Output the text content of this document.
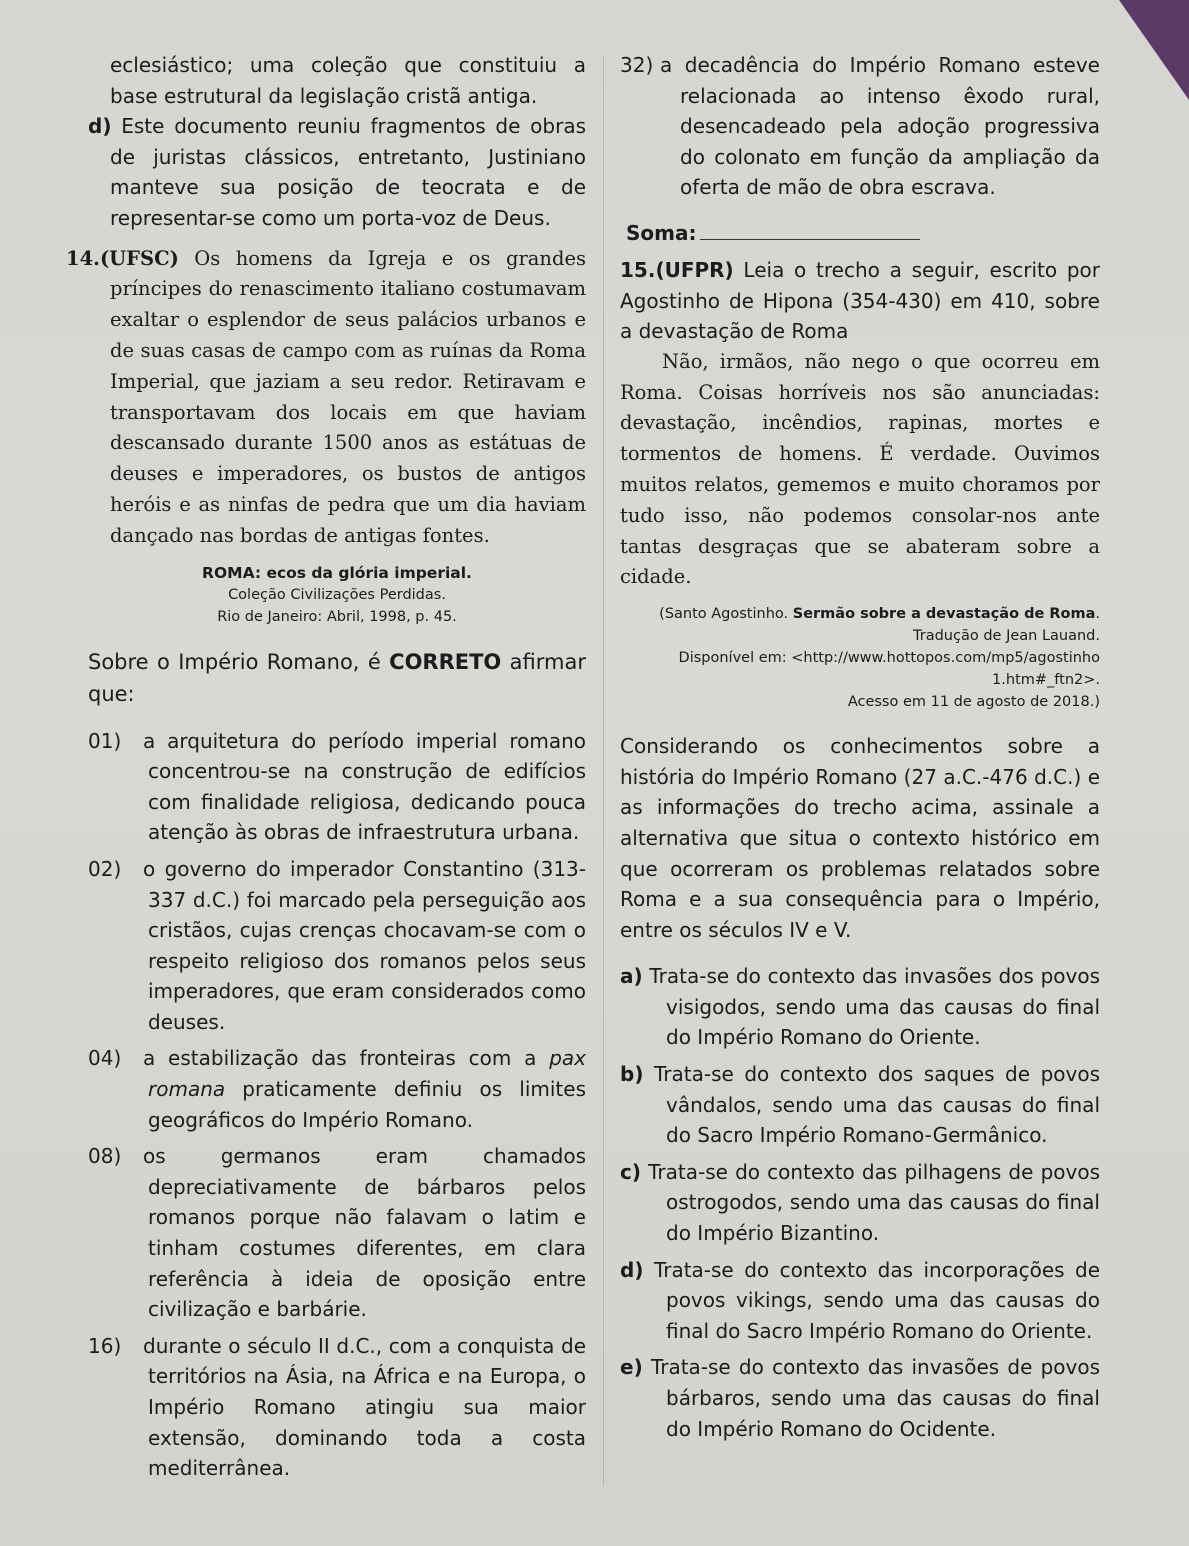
eclesiástico; uma coleção que constituiu a base estrutural da legislação cristã antiga.

d) Este documento reuniu fragmentos de obras de juristas clássicos, entretanto, Justiniano manteve sua posição de teocrata e de representar-se como um porta-voz de Deus.

14.(UFSC) Os homens da Igreja e os grandes príncipes do renascimento italiano costumavam exaltar o esplendor de seus palácios urbanos e de suas casas de campo com as ruínas da Roma Imperial, que jaziam a seu redor. Retiravam e transportavam dos locais em que haviam descansado durante 1500 anos as estátuas de deuses e imperadores, os bustos de antigos heróis e as ninfas de pedra que um dia haviam dançado nas bordas de antigas fontes.

ROMA: ecos da glória imperial.
Coleção Civilizações Perdidas.
Rio de Janeiro: Abril, 1998, p. 45.

Sobre o Império Romano, é CORRETO afirmar que:

01) a arquitetura do período imperial romano concentrou-se na construção de edifícios com finalidade religiosa, dedicando pouca atenção às obras de infraestrutura urbana.

02) o governo do imperador Constantino (313-337 d.C.) foi marcado pela perseguição aos cristãos, cujas crenças chocavam-se com o respeito religioso dos romanos pelos seus imperadores, que eram considerados como deuses.

04) a estabilização das fronteiras com a pax romana praticamente definiu os limites geográficos do Império Romano.

08) os germanos eram chamados depreciativamente de bárbaros pelos romanos porque não falavam o latim e tinham costumes diferentes, em clara referência à ideia de oposição entre civilização e barbárie.

16) durante o século II d.C., com a conquista de territórios na Ásia, na África e na Europa, o Império Romano atingiu sua maior extensão, dominando toda a costa mediterrânea.

32) a decadência do Império Romano esteve relacionada ao intenso êxodo rural, desencadeado pela adoção progressiva do colonato em função da ampliação da oferta de mão de obra escrava.

Soma:

15.(UFPR) Leia o trecho a seguir, escrito por Agostinho de Hipona (354-430) em 410, sobre a devastação de Roma

Não, irmãos, não nego o que ocorreu em Roma. Coisas horríveis nos são anunciadas: devastação, incêndios, rapinas, mortes e tormentos de homens. É verdade. Ouvimos muitos relatos, gememos e muito choramos por tudo isso, não podemos consolar-nos ante tantas desgraças que se abateram sobre a cidade.

(Santo Agostinho. Sermão sobre a devastação de Roma. Tradução de Jean Lauand.
Disponível em: <http://www.hottopos.com/mp5/agostinho 1.htm#_ftn2>.
Acesso em 11 de agosto de 2018.)

Considerando os conhecimentos sobre a história do Império Romano (27 a.C.-476 d.C.) e as informações do trecho acima, assinale a alternativa que situa o contexto histórico em que ocorreram os problemas relatados sobre Roma e a sua consequência para o Império, entre os séculos IV e V.

a) Trata-se do contexto das invasões dos povos visigodos, sendo uma das causas do final do Império Romano do Oriente.

b) Trata-se do contexto dos saques de povos vândalos, sendo uma das causas do final do Sacro Império Romano-Germânico.

c) Trata-se do contexto das pilhagens de povos ostrogodos, sendo uma das causas do final do Império Bizantino.

d) Trata-se do contexto das incorporações de povos vikings, sendo uma das causas do final do Sacro Império Romano do Oriente.

e) Trata-se do contexto das invasões de povos bárbaros, sendo uma das causas do final do Império Romano do Ocidente.
